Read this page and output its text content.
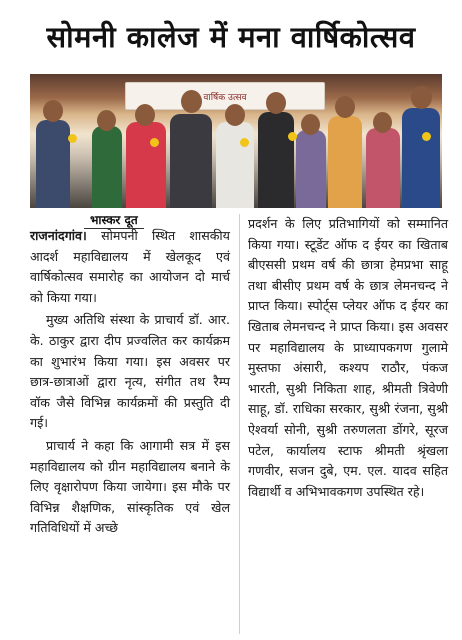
सोमनी कालेज में मना वार्षिकोत्सव
वार्षिक उत्सव
भास्कर दूत

राजनांदगांव। सोमपनी स्थित शासकीय आदर्श महाविद्यालय में खेलकूद एवं वार्षिकोत्सव समारोह का आयोजन दो मार्च को किया गया।

मुख्य अतिथि संस्था के प्राचार्य डॉ. आर. के. ठाकुर द्वारा दीप प्रज्वलित कर कार्यक्रम का शुभारंभ किया गया। इस अवसर पर छात्र-छात्राओं द्वारा नृत्य, संगीत तथ रैम्प वॉक जैसे विभिन्न कार्यक्रमों की प्रस्तुति दी गई।

प्राचार्य ने कहा कि आगामी सत्र में इस महाविद्यालय को ग्रीन महाविद्यालय बनाने के लिए वृक्षारोपण किया जायेगा। इस मौके पर विभिन्न शैक्षणिक, सांस्कृतिक एवं खेल गतिविधियों में अच्छे

प्रदर्शन के लिए प्रतिभागियों को सम्मानित किया गया। स्टूडेंट ऑफ द ईयर का खिताब बीएससी प्रथम वर्ष की छात्रा हेमप्रभा साहू तथा बीसीए प्रथम वर्ष के छात्र लेमनचन्द ने प्राप्त किया। स्पोर्ट्स प्लेयर ऑफ द ईयर का खिताब लेमनचन्द ने प्राप्त किया। इस अवसर पर महाविद्यालय के प्राध्यापकगण गुलामे मुस्तफा अंसारी, कश्यप राठौर, पंकज भारती, सुश्री निकिता शाह, श्रीमती त्रिवेणी साहू, डॉ. राधिका सरकार, सुश्री रंजना, सुश्री ऐश्वर्या सोनी, सुश्री तरुणलता डोंगरे, सूरज पटेल, कार्यालय स्टाफ श्रीमती श्रृंखला गणवीर, सजन दुबे, एम. एल. यादव सहित विद्यार्थी व अभिभावकगण उपस्थित रहे।
